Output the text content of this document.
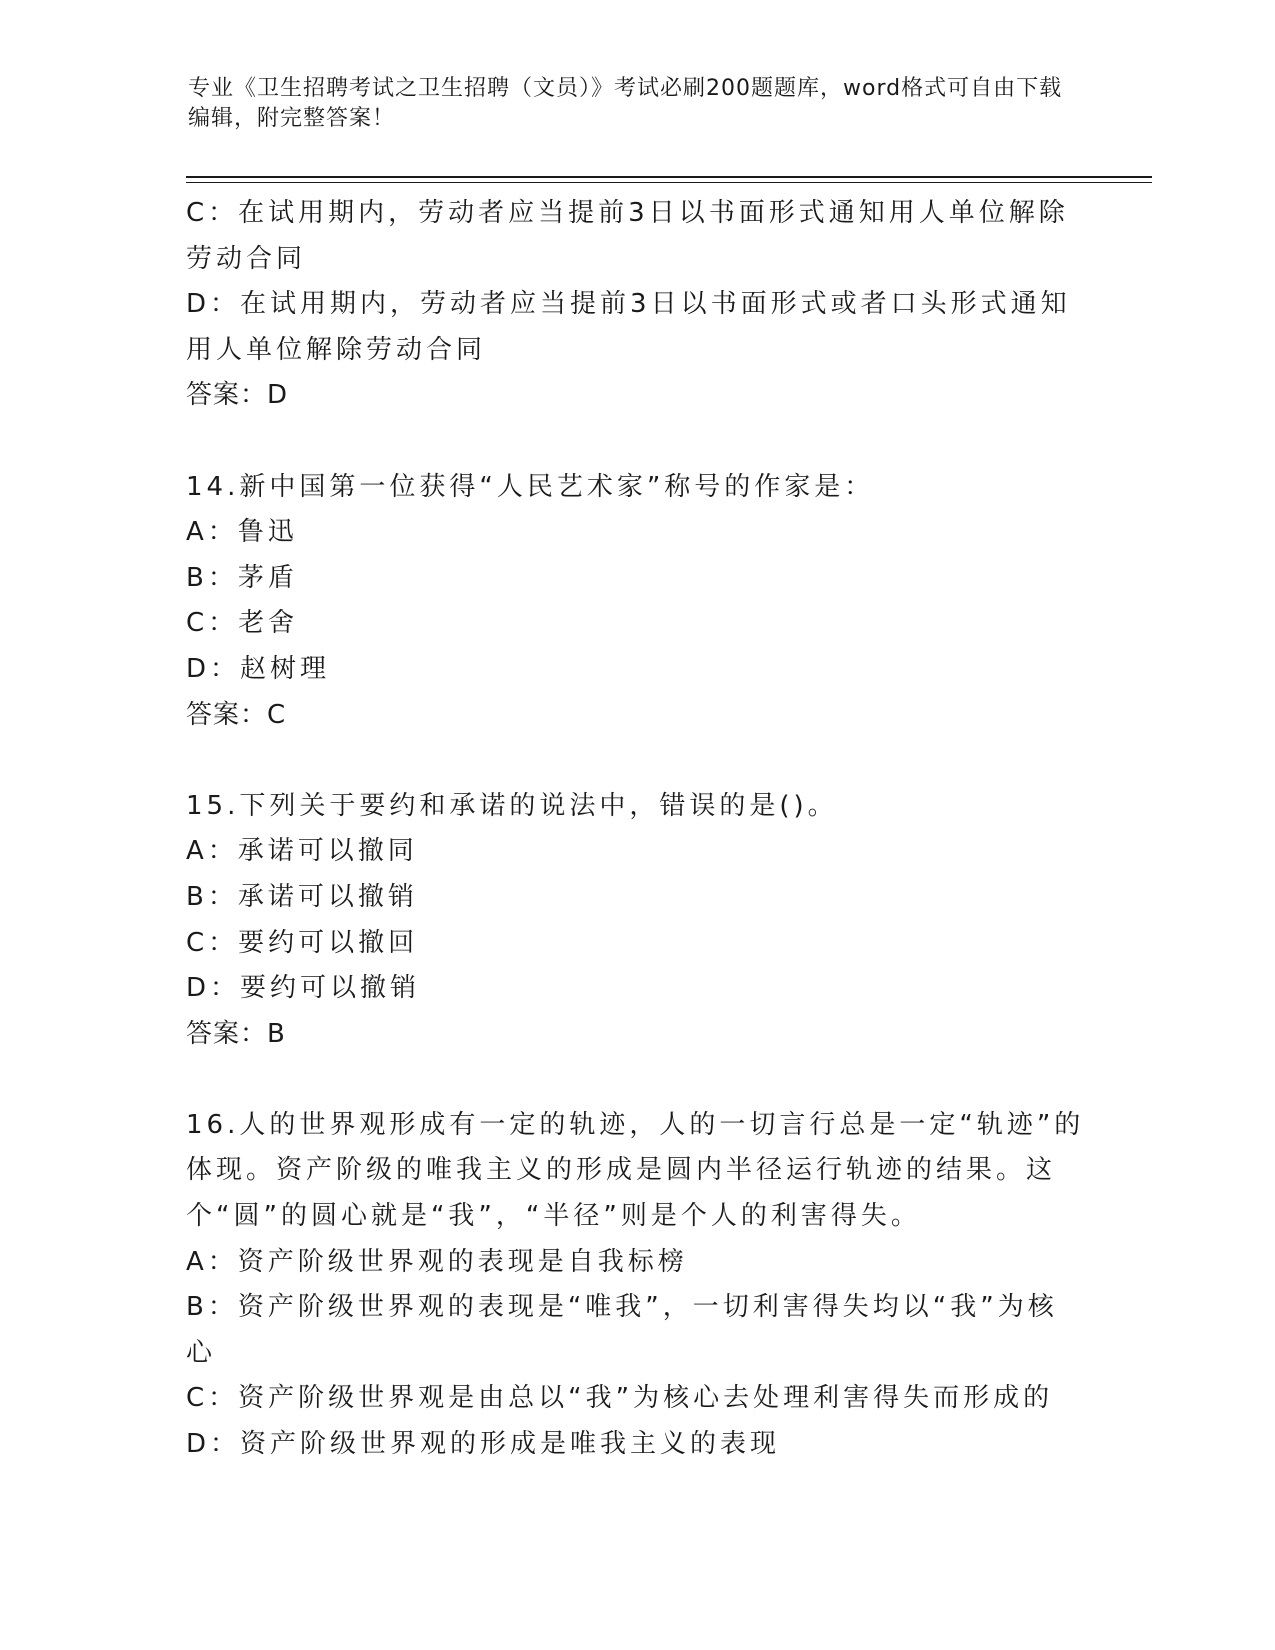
专业《卫生招聘考试之卫生招聘（文员）》考试必刷200题题库，word格式可自由下载编辑，附完整答案！

C：在试用期内，劳动者应当提前3日以书面形式通知用人单位解除劳动合同

D：在试用期内，劳动者应当提前3日以书面形式或者口头形式通知用人单位解除劳动合同

答案：D

14.新中国第一位获得“人民艺术家”称号的作家是：

A：鲁迅

B：茅盾

C：老舍

D：赵树理

答案：C

15.下列关于要约和承诺的说法中，错误的是()。

A：承诺可以撤同

B：承诺可以撤销

C：要约可以撤回

D：要约可以撤销

答案：B

16.人的世界观形成有一定的轨迹，人的一切言行总是一定“轨迹”的体现。资产阶级的唯我主义的形成是圆内半径运行轨迹的结果。这个“圆”的圆心就是“我”，“半径”则是个人的利害得失。

A：资产阶级世界观的表现是自我标榜

B：资产阶级世界观的表现是“唯我”，一切利害得失均以“我”为核心

C：资产阶级世界观是由总以“我”为核心去处理利害得失而形成的

D：资产阶级世界观的形成是唯我主义的表现
